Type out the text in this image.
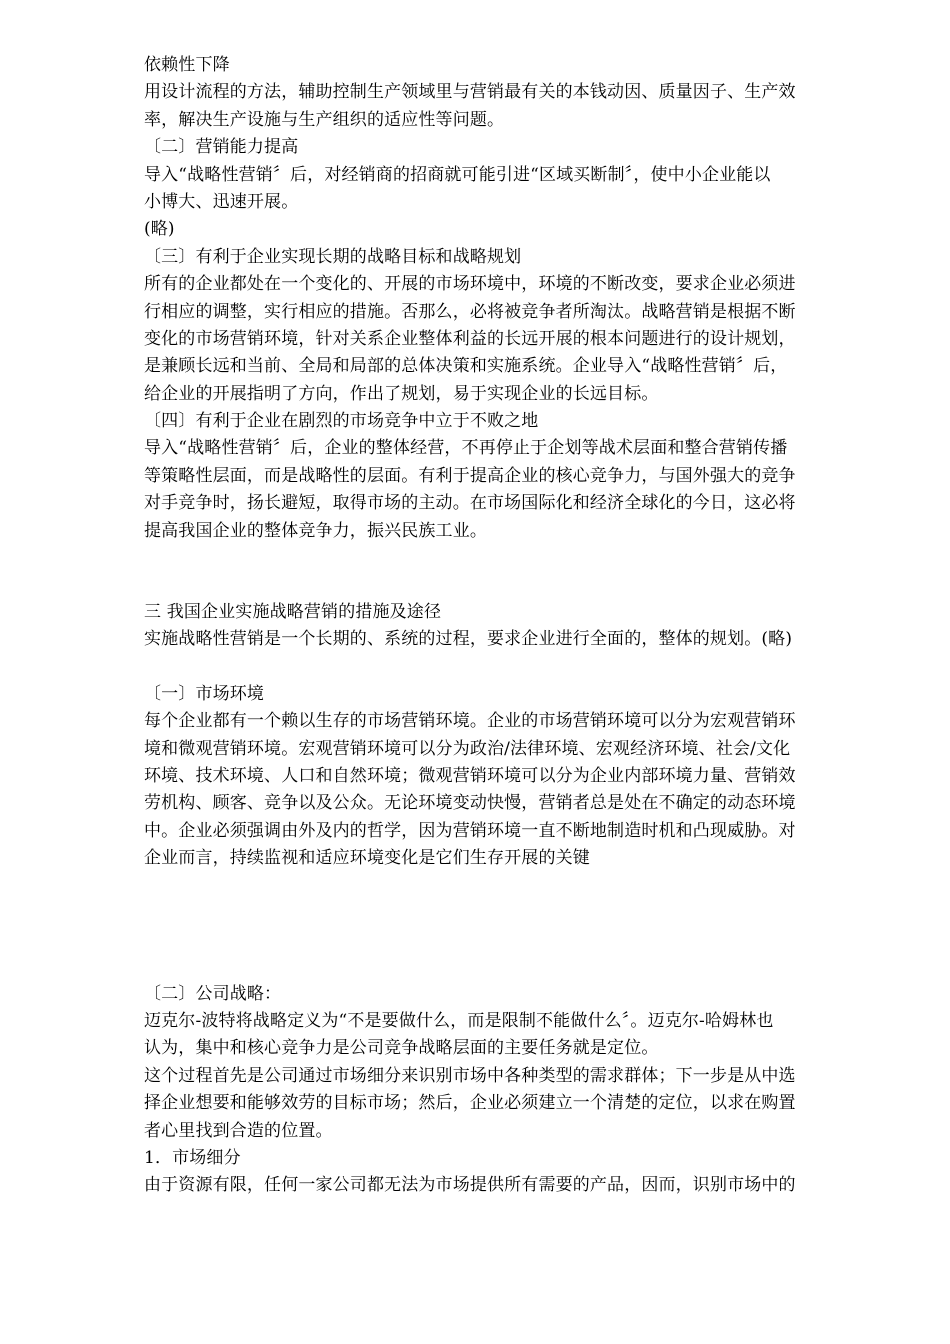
依赖性下降
用设计流程的方法，辅助控制生产领域里与营销最有关的本钱动因、质量因子、生产效
率，解决生产设施与生产组织的适应性等问题。
〔二〕营销能力提高
导入“战略性营销〞后，对经销商的招商就可能引进“区域买断制〞，使中小企业能以
小博大、迅速开展。
(略)
〔三〕有利于企业实现长期的战略目标和战略规划
所有的企业都处在一个变化的、开展的市场环境中，环境的不断改变，要求企业必须进
行相应的调整，实行相应的措施。否那么，必将被竞争者所淘汰。战略营销是根据不断
变化的市场营销环境，针对关系企业整体利益的长远开展的根本问题进行的设计规划，
是兼顾长远和当前、全局和局部的总体决策和实施系统。企业导入“战略性营销〞后，
给企业的开展指明了方向，作出了规划，易于实现企业的长远目标。
〔四〕有利于企业在剧烈的市场竞争中立于不败之地
导入“战略性营销〞后，企业的整体经营，不再停止于企划等战术层面和整合营销传播
等策略性层面，而是战略性的层面。有利于提高企业的核心竞争力，与国外强大的竞争
对手竞争时，扬长避短，取得市场的主动。在市场国际化和经济全球化的今日，这必将
提高我国企业的整体竞争力，振兴民族工业。
三 我国企业实施战略营销的措施及途径
实施战略性营销是一个长期的、系统的过程，要求企业进行全面的，整体的规划。(略)
〔一〕市场环境
每个企业都有一个赖以生存的市场营销环境。企业的市场营销环境可以分为宏观营销环
境和微观营销环境。宏观营销环境可以分为政治/法律环境、宏观经济环境、社会/文化
环境、技术环境、人口和自然环境；微观营销环境可以分为企业内部环境力量、营销效
劳机构、顾客、竞争以及公众。无论环境变动快慢，营销者总是处在不确定的动态环境
中。企业必须强调由外及内的哲学，因为营销环境一直不断地制造时机和凸现威胁。对
企业而言，持续监视和适应环境变化是它们生存开展的关键
〔二〕公司战略：
迈克尔-波特将战略定义为“不是要做什么，而是限制不能做什么〞。迈克尔-哈姆林也
认为，集中和核心竞争力是公司竞争战略层面的主要任务就是定位。
这个过程首先是公司通过市场细分来识别市场中各种类型的需求群体；下一步是从中选
择企业想要和能够效劳的目标市场；然后，企业必须建立一个清楚的定位，以求在购置
者心里找到合造的位置。
1．市场细分
由于资源有限，任何一家公司都无法为市场提供所有需要的产品，因而，识别市场中的
